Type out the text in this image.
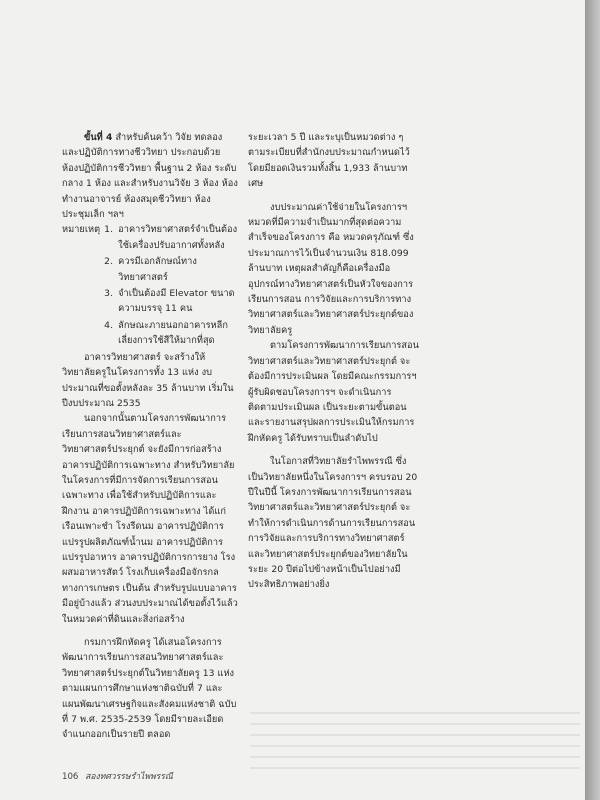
ขั้นที่ 4 สำหรับค้นคว้า วิจัย ทดลอง และปฏิบัติการทางชีววิทยา ประกอบด้วย ห้องปฏิบัติการชีววิทยา พื้นฐาน 2 ห้อง ระดับกลาง 1 ห้อง และสำหรับงานวิจัย 3 ห้อง ห้องทำงานอาจารย์ ห้องสมุดชีววิทยา ห้องประชุมเล็ก ฯลฯ

หมายเหตุ 1. อาคารวิทยาศาสตร์จำเป็นต้องใช้เครื่องปรับอากาศทั้งหลัง
2. ควรมีเอกลักษณ์ทางวิทยาศาสตร์
3. จำเป็นต้องมี Elevator ขนาดความบรรจุ 11 คน
4. ลักษณะภายนอกอาคารหลีกเลี่ยงการใช้สีให้มากที่สุด

อาคารวิทยาศาสตร์ จะสร้างให้วิทยาลัยครูในโครงการทั้ง 13 แห่ง งบประมาณที่ขอตั้งหลังละ 35 ล้านบาท เริ่มในปีงบประมาณ 2535

นอกจากนั้นตามโครงการพัฒนาการเรียนการสอนวิทยาศาสตร์และวิทยาศาสตร์ประยุกต์ จะยังมีการก่อสร้างอาคารปฏิบัติการเฉพาะทาง สำหรับวิทยาลัยในโครงการที่มีการจัดการเรียนการสอนเฉพาะทาง เพื่อใช้สำหรับปฏิบัติการและฝึกงาน อาคารปฏิบัติการเฉพาะทาง ได้แก่ เรือนเพาะชำ โรงรีดนม อาคารปฏิบัติการแปรรูปผลิตภัณฑ์น้ำนม อาคารปฏิบัติการแปรรูปอาหาร อาคารปฏิบัติการการยาง โรงผสมอาหารสัตว์ โรงเก็บเครื่องมือจักรกลทางการเกษตร เป็นต้น สำหรับรูปแบบอาคารมีอยู่บ้างแล้ว ส่วนงบประมาณได้ขอตั้งไว้แล้วในหมวดค่าที่ดินและสิ่งก่อสร้าง

กรมการฝึกหัดครู ได้เสนอโครงการพัฒนาการเรียนการสอนวิทยาศาสตร์และวิทยาศาสตร์ประยุกต์ในวิทยาลัยครู 13 แห่ง ตามแผนการศึกษาแห่งชาติฉบับที่ 7 และแผนพัฒนาเศรษฐกิจและสังคมแห่งชาติ ฉบับที่ 7 พ.ศ. 2535-2539 โดยมีรายละเอียดจำแนกออกเป็นรายปี ตลอด

ระยะเวลา 5 ปี และระบุเป็นหมวดต่าง ๆ ตามระเบียบที่สำนักงบประมาณกำหนดไว้ โดยมียอดเงินรวมทั้งสิ้น 1,933 ล้านบาทเศษ

งบประมาณค่าใช้จ่ายในโครงการฯ หมวดที่มีความจำเป็นมากที่สุดต่อความสำเร็จของโครงการ คือ หมวดครุภัณฑ์ ซึ่งประมาณการไว้เป็นจำนวนเงิน 818.099 ล้านบาท เหตุผลสำคัญก็คือเครื่องมืออุปกรณ์ทางวิทยาศาสตร์เป็นหัวใจของการเรียนการสอน การวิจัยและการบริการทางวิทยาศาสตร์และวิทยาศาสตร์ประยุกต์ของวิทยาลัยครู

ตามโครงการพัฒนาการเรียนการสอนวิทยาศาสตร์และวิทยาศาสตร์ประยุกต์ จะต้องมีการประเมินผล โดยมีคณะกรรมการฯ ผู้รับผิดชอบโครงการฯ จะดำเนินการติดตามประเมินผล เป็นระยะตามขั้นตอน และรายงานสรุปผลการประเมินให้กรมการฝึกหัดครู ได้รับทราบเป็นลำดับไป

ในโอกาสที่วิทยาลัยรำไพพรรณี ซึ่งเป็นวิทยาลัยหนึ่งในโครงการฯ ครบรอบ 20 ปีในปีนี้ โครงการพัฒนาการเรียนการสอนวิทยาศาสตร์และวิทยาศาสตร์ประยุกต์ จะทำให้การดำเนินการด้านการเรียนการสอน การวิจัยและการบริการทางวิทยาศาสตร์และวิทยาศาสตร์ประยุกต์ของวิทยาลัยในระยะ 20 ปีต่อไปข้างหน้าเป็นไปอย่างมีประสิทธิภาพอย่างยิ่ง

106 สองทศวรรษรำไพพรรณี
